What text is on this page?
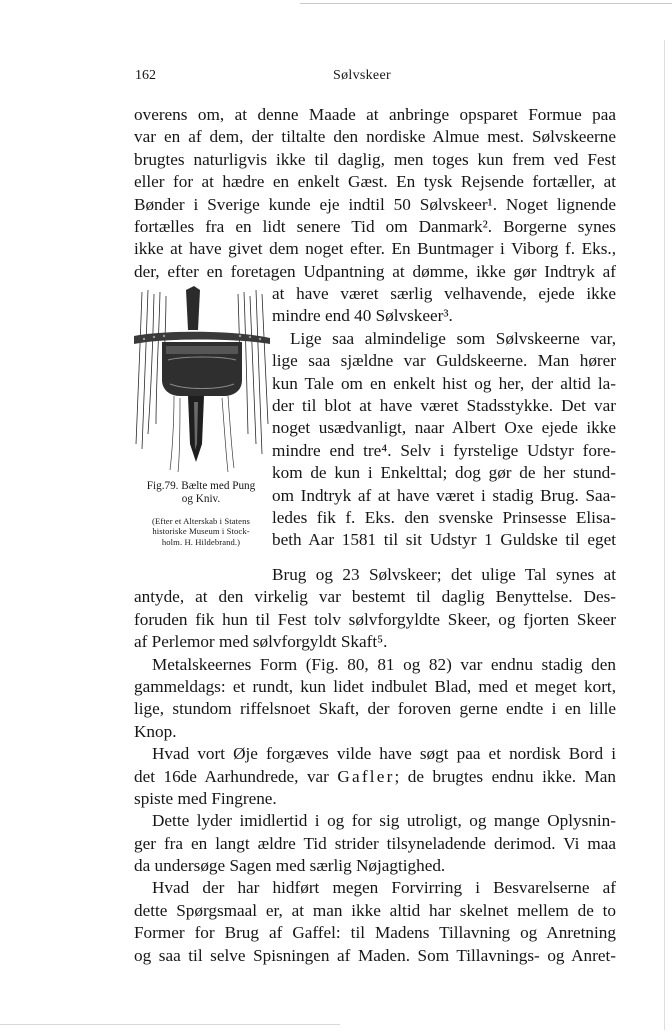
162	Sølvskeer
overens om, at denne Maade at anbringe opsparet Formue paa
var en af dem, der tiltalte den nordiske Almue mest. Sølvskeerne
brugtes naturligvis ikke til daglig, men toges kun frem ved Fest
eller for at hædre en enkelt Gæst. En tysk Rejsende fortæller, at
Bønder i Sverige kunde eje indtil 50 Sølvskeer¹. Noget lignende
fortælles fra en lidt senere Tid om Danmark². Borgerne synes
ikke at have givet dem noget efter. En Buntmager i Viborg f. Eks.,
der, efter en foretagen Udpantning at dømme, ikke gør Indtryk af
Fig.79. Bælte med Pung
og Kniv.
(Efter et Alterskab i Statens
historiske Museum i Stock-
holm. H. Hildebrand.)
at have været særlig velhavende, ejede ikke
mindre end 40 Sølvskeer³.
Lige saa almindelige som Sølvskeerne var,
lige saa sjældne var Guldskeerne. Man hører
kun Tale om en enkelt hist og her, der altid la-
der til blot at have været Stadsstykke. Det var
noget usædvanligt, naar Albert Oxe ejede ikke
mindre end tre⁴. Selv i fyrstelige Udstyr fore-
kom de kun i Enkelttal; dog gør de her stund-
om Indtryk af at have været i stadig Brug. Saa-
ledes fik f. Eks. den svenske Prinsesse Elisa-
beth Aar 1581 til sit Udstyr 1 Guldske til eget
Brug og 23 Sølvskeer; det ulige Tal synes at
antyde, at den virkelig var bestemt til daglig Benyttelse. Des-
foruden fik hun til Fest tolv sølvforgyldte Skeer, og fjorten Skeer
af Perlemor med sølvforgyldt Skaft⁵.
Metalskeernes Form (Fig. 80, 81 og 82) var endnu stadig den
gammeldags: et rundt, kun lidet indbulet Blad, med et meget kort,
lige, stundom riffelsnoet Skaft, der foroven gerne endte i en lille
Knop.
Hvad vort Øje forgæves vilde have søgt paa et nordisk Bord i
det 16de Aarhundrede, var Gafler; de brugtes endnu ikke. Man
spiste med Fingrene.
Dette lyder imidlertid i og for sig utroligt, og mange Oplysnin-
ger fra en langt ældre Tid strider tilsyneladende derimod. Vi maa
da undersøge Sagen med særlig Nøjagtighed.
Hvad der har hidført megen Forvirring i Besvarelserne af
dette Spørgsmaal er, at man ikke altid har skelnet mellem de to
Former for Brug af Gaffel: til Madens Tillavning og Anretning
og saa til selve Spisningen af Maden. Som Tillavnings- og Anret-
